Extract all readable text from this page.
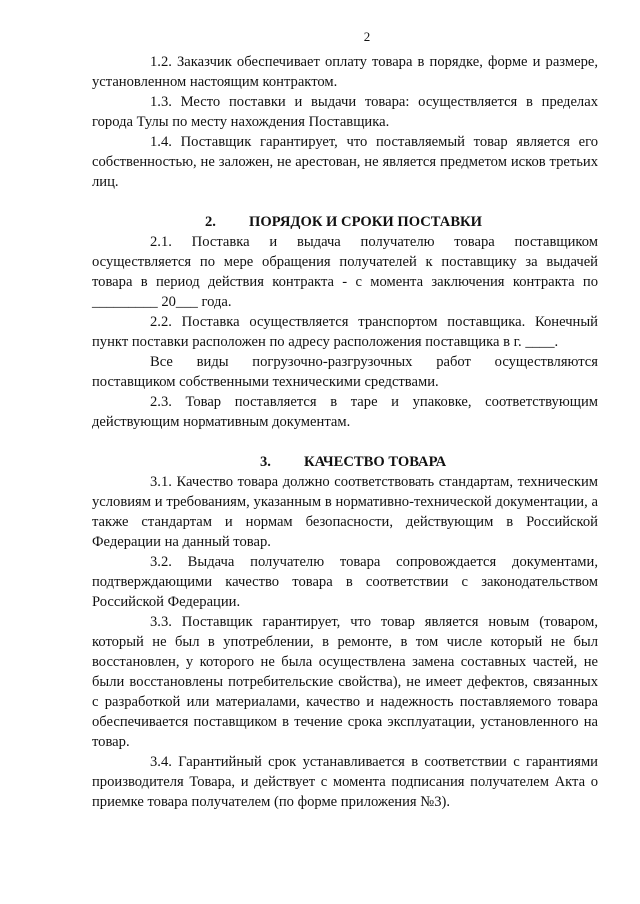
2

1.2. Заказчик обеспечивает оплату товара в порядке, форме и размере, установленном настоящим контрактом.

1.3. Место поставки и выдачи товара: осуществляется в пределах города Тулы по месту нахождения Поставщика.

1.4. Поставщик гарантирует, что поставляемый товар является его собственностью, не заложен, не арестован, не является предметом исков третьих лиц.

2. ПОРЯДОК И СРОКИ ПОСТАВКИ

2.1. Поставка и выдача получателю товара поставщиком осуществляется по мере обращения получателей к поставщику за выдачей товара в период действия контракта - с момента заключения контракта по _________ 20___ года.

2.2. Поставка осуществляется транспортом поставщика. Конечный пункт поставки расположен по адресу расположения поставщика в г. ____.

Все виды погрузочно-разгрузочных работ осуществляются поставщиком собственными техническими средствами.

2.3. Товар поставляется в таре и упаковке, соответствующим действующим нормативным документам.

3. КАЧЕСТВО ТОВАРА

3.1. Качество товара должно соответствовать стандартам, техническим условиям и требованиям, указанным в нормативно-технической документации, а также стандартам и нормам безопасности, действующим в Российской Федерации на данный товар.

3.2. Выдача получателю товара сопровождается документами, подтверждающими качество товара в соответствии с законодательством Российской Федерации.

3.3. Поставщик гарантирует, что товар является новым (товаром, который не был в употреблении, в ремонте, в том числе который не был восстановлен, у которого не была осуществлена замена составных частей, не были восстановлены потребительские свойства), не имеет дефектов, связанных с разработкой или материалами, качество и надежность поставляемого товара обеспечивается поставщиком в течение срока эксплуатации, установленного на товар.

3.4. Гарантийный срок устанавливается в соответствии с гарантиями производителя Товара, и действует с момента подписания получателем Акта о приемке товара получателем (по форме приложения №3).
